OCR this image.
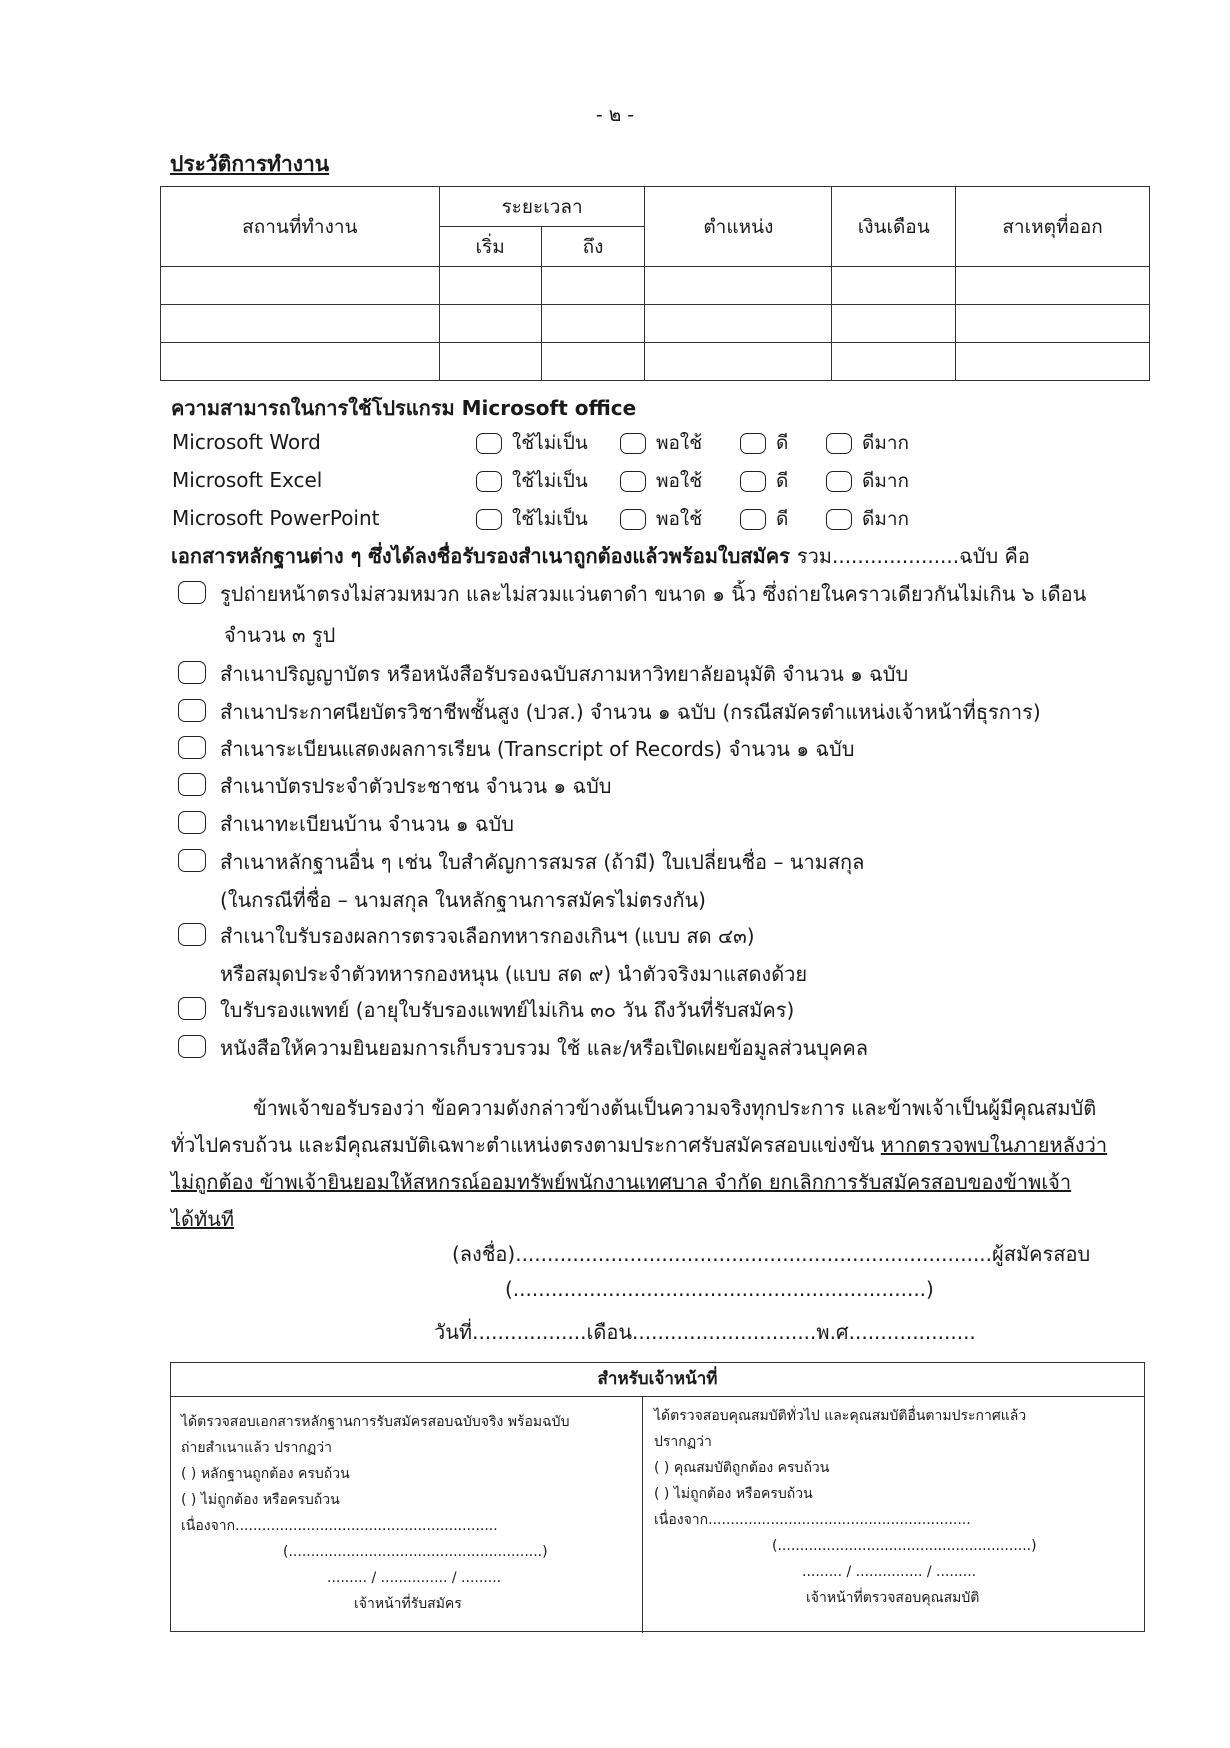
- ๒ -
ประวัติการทำงาน
สถานที่ทำงาน	ระยะเวลา		ตำแหน่ง	เงินเดือน	สาเหตุที่ออก
	เริ่ม	ถึง			

ความสามารถในการใช้โปรแกรม Microsoft office
Microsoft Word	ใช้ไม่เป็น	พอใช้	ดี	ดีมาก
Microsoft Excel	ใช้ไม่เป็น	พอใช้	ดี	ดีมาก
Microsoft PowerPoint	ใช้ไม่เป็น	พอใช้	ดี	ดีมาก
เอกสารหลักฐานต่าง ๆ ซึ่งได้ลงชื่อรับรองสำเนาถูกต้องแล้วพร้อมใบสมัคร รวม....................ฉบับ คือ
รูปถ่ายหน้าตรงไม่สวมหมวก และไม่สวมแว่นตาดำ ขนาด ๑ นิ้ว ซึ่งถ่ายในคราวเดียวกันไม่เกิน ๖ เดือน
จำนวน ๓ รูป
สำเนาปริญญาบัตร หรือหนังสือรับรองฉบับสภามหาวิทยาลัยอนุมัติ จำนวน ๑ ฉบับ
สำเนาประกาศนียบัตรวิชาชีพชั้นสูง (ปวส.) จำนวน ๑ ฉบับ (กรณีสมัครตำแหน่งเจ้าหน้าที่ธุรการ)
สำเนาระเบียนแสดงผลการเรียน (Transcript of Records) จำนวน ๑ ฉบับ
สำเนาบัตรประจำตัวประชาชน จำนวน ๑ ฉบับ
สำเนาทะเบียนบ้าน จำนวน ๑ ฉบับ
สำเนาหลักฐานอื่น ๆ เช่น ใบสำคัญการสมรส (ถ้ามี) ใบเปลี่ยนชื่อ – นามสกุล
(ในกรณีที่ชื่อ – นามสกุล ในหลักฐานการสมัครไม่ตรงกัน)
สำเนาใบรับรองผลการตรวจเลือกทหารกองเกินฯ (แบบ สด ๔๓)
หรือสมุดประจำตัวทหารกองหนุน (แบบ สด ๙) นำตัวจริงมาแสดงด้วย
ใบรับรองแพทย์ (อายุใบรับรองแพทย์ไม่เกิน ๓๐ วัน ถึงวันที่รับสมัคร)
หนังสือให้ความยินยอมการเก็บรวบรวม ใช้ และ/หรือเปิดเผยข้อมูลส่วนบุคคล
ข้าพเจ้าขอรับรองว่า ข้อความดังกล่าวข้างต้นเป็นความจริงทุกประการ และข้าพเจ้าเป็นผู้มีคุณสมบัติ
ทั่วไปครบถ้วน และมีคุณสมบัติเฉพาะตำแหน่งตรงตามประกาศรับสมัครสอบแข่งขัน หากตรวจพบในภายหลังว่า
ไม่ถูกต้อง ข้าพเจ้ายินยอมให้สหกรณ์ออมทรัพย์พนักงานเทศบาล จำกัด ยกเลิกการรับสมัครสอบของข้าพเจ้า
ได้ทันที
(ลงชื่อ)...........................................................................ผู้สมัครสอบ
(.................................................................)
วันที่..................เดือน.............................พ.ศ....................
สำหรับเจ้าหน้าที่
ได้ตรวจสอบเอกสารหลักฐานการรับสมัครสอบฉบับจริง พร้อมฉบับ
ถ่ายสำเนาแล้ว ปรากฏว่า
( ) หลักฐานถูกต้อง ครบถ้วน
( ) ไม่ถูกต้อง หรือครบถ้วน
เนื่องจาก...........................................................
(.........................................................)
......... / ............... / .........
เจ้าหน้าที่รับสมัคร
ได้ตรวจสอบคุณสมบัติทั่วไป และคุณสมบัติอื่นตามประกาศแล้ว
ปรากฏว่า
( ) คุณสมบัติถูกต้อง ครบถ้วน
( ) ไม่ถูกต้อง หรือครบถ้วน
เนื่องจาก...........................................................
(.........................................................)
......... / ............... / .........
เจ้าหน้าที่ตรวจสอบคุณสมบัติ
